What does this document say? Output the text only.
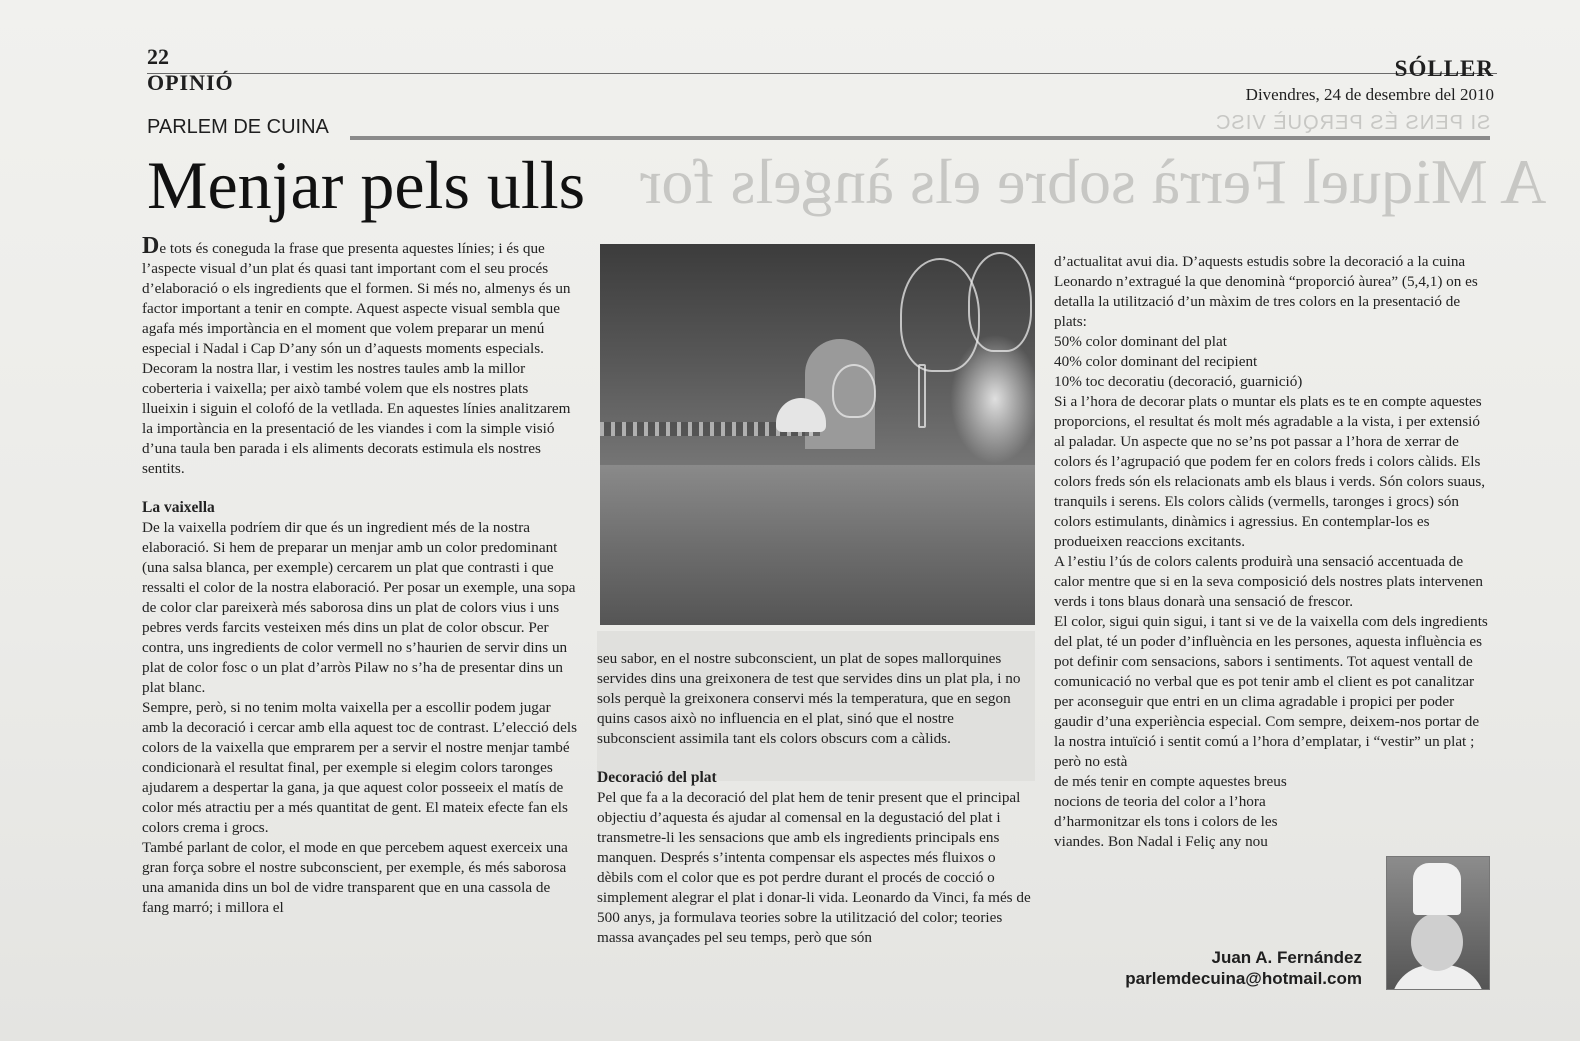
A Miquel Ferrà sobre els àngels for
SI PENS ÉS PERQUÈ VISC
22
OPINIÓ
SÓLLER
Divendres, 24 de desembre del 2010
PARLEM DE CUINA
Menjar pels ulls

De tots és coneguda la frase que presenta aquestes línies; i és que l’aspecte visual d’un plat és quasi tant important com el seu procés d’elaboració o els ingredients que el formen. Si més no, almenys és un factor important a tenir en compte. Aquest aspecte visual sembla que agafa més importància en el moment que volem preparar un menú especial i Nadal i Cap D’any són un d’aquests moments especials.

Decoram la nostra llar, i vestim les nostres taules amb la millor coberteria i vaixella; per això també volem que els nostres plats llueixin i siguin el colofó de la vetllada. En aquestes línies analitzarem la importància en la presentació de les viandes i com la simple visió d’una taula ben parada i els aliments decorats estimula els nostres sentits.

La vaixella

De la vaixella podríem dir que és un ingredient més de la nostra elaboració. Si hem de preparar un menjar amb un color predominant (una salsa blanca, per exemple) cercarem un plat que contrasti i que ressalti el color de la nostra elaboració. Per posar un exemple, una sopa de color clar pareixerà més saborosa dins un plat de colors vius i uns pebres verds farcits vesteixen més dins un plat de color obscur. Per contra, uns ingredients de color vermell no s’haurien de servir dins un plat de color fosc o un plat d’arròs Pilaw no s’ha de presentar dins un plat blanc.

Sempre, però, si no tenim molta vaixella per a escollir podem jugar amb la decoració i cercar amb ella aquest toc de contrast. L’elecció dels colors de la vaixella que emprarem per a servir el nostre menjar també condicionarà el resultat final, per exemple si elegim colors taronges ajudarem a despertar la gana, ja que aquest color posseeix el matís de color més atractiu per a més quantitat de gent. El mateix efecte fan els colors crema i grocs.

També parlant de color, el mode en que percebem aquest exerceix una gran força sobre el nostre subconscient, per exemple, és més saborosa una amanida dins un bol de vidre transparent que en una cassola de fang marró; i millora el

seu sabor, en el nostre subconscient, un plat de sopes mallorquines servides dins una greixonera de test que servides dins un plat pla, i no sols perquè la greixonera conservi més la temperatura, que en segon quins casos això no influencia en el plat, sinó que el nostre subconscient assimila tant els colors obscurs com a càlids.

Decoració del plat

Pel que fa a la decoració del plat hem de tenir present que el principal objectiu d’aquesta és ajudar al comensal en la degustació del plat i transmetre-li les sensacions que amb els ingredients principals ens manquen. Després s’intenta compensar els aspectes més fluixos o dèbils com el color que es pot perdre durant el procés de cocció o simplement alegrar el plat i donar-li vida. Leonardo da Vinci, fa més de 500 anys, ja formulava teories sobre la utilització del color; teories massa avançades pel seu temps, però que són

d’actualitat avui dia. D’aquests estudis sobre la decoració a la cuina Leonardo n’extragué la que denominà “proporció àurea” (5,4,1) on es detalla la utilització d’un màxim de tres colors en la presentació de plats:

50% color dominant del plat

40% color dominant del recipient

10% toc decoratiu (decoració, guarnició)

Si a l’hora de decorar plats o muntar els plats es te en compte aquestes proporcions, el resultat és molt més agradable a la vista, i per extensió al paladar. Un aspecte que no se’ns pot passar a l’hora de xerrar de colors és l’agrupació que podem fer en colors freds i colors càlids. Els colors freds són els relacionats amb els blaus i verds. Són colors suaus, tranquils i serens. Els colors càlids (vermells, taronges i grocs) són colors estimulants, dinàmics i agressius. En contemplar-los es produeixen reaccions excitants.

A l’estiu l’ús de colors calents produirà una sensació accentuada de calor mentre que si en la seva composició dels nostres plats intervenen verds i tons blaus donarà una sensació de frescor.

El color, sigui quin sigui, i tant si ve de la vaixella com dels ingredients del plat, té un poder d’influència en les persones, aquesta influència es pot definir com sensacions, sabors i sentiments. Tot aquest ventall de comunicació no verbal que es pot tenir amb el client es pot canalitzar per aconseguir que entri en un clima agradable i propici per poder gaudir d’una experiència especial. Com sempre, deixem-nos portar de la nostra intuïció i sentit comú a l’hora d’emplatar, i “vestir” un plat ; però no està

de més tenir en compte aquestes breus

nocions de teoria del color a l’hora

d’harmonitzar els tons i colors de les

viandes. Bon Nadal i Feliç any nou

Juan A. Fernández
parlemdecuina@hotmail.com
